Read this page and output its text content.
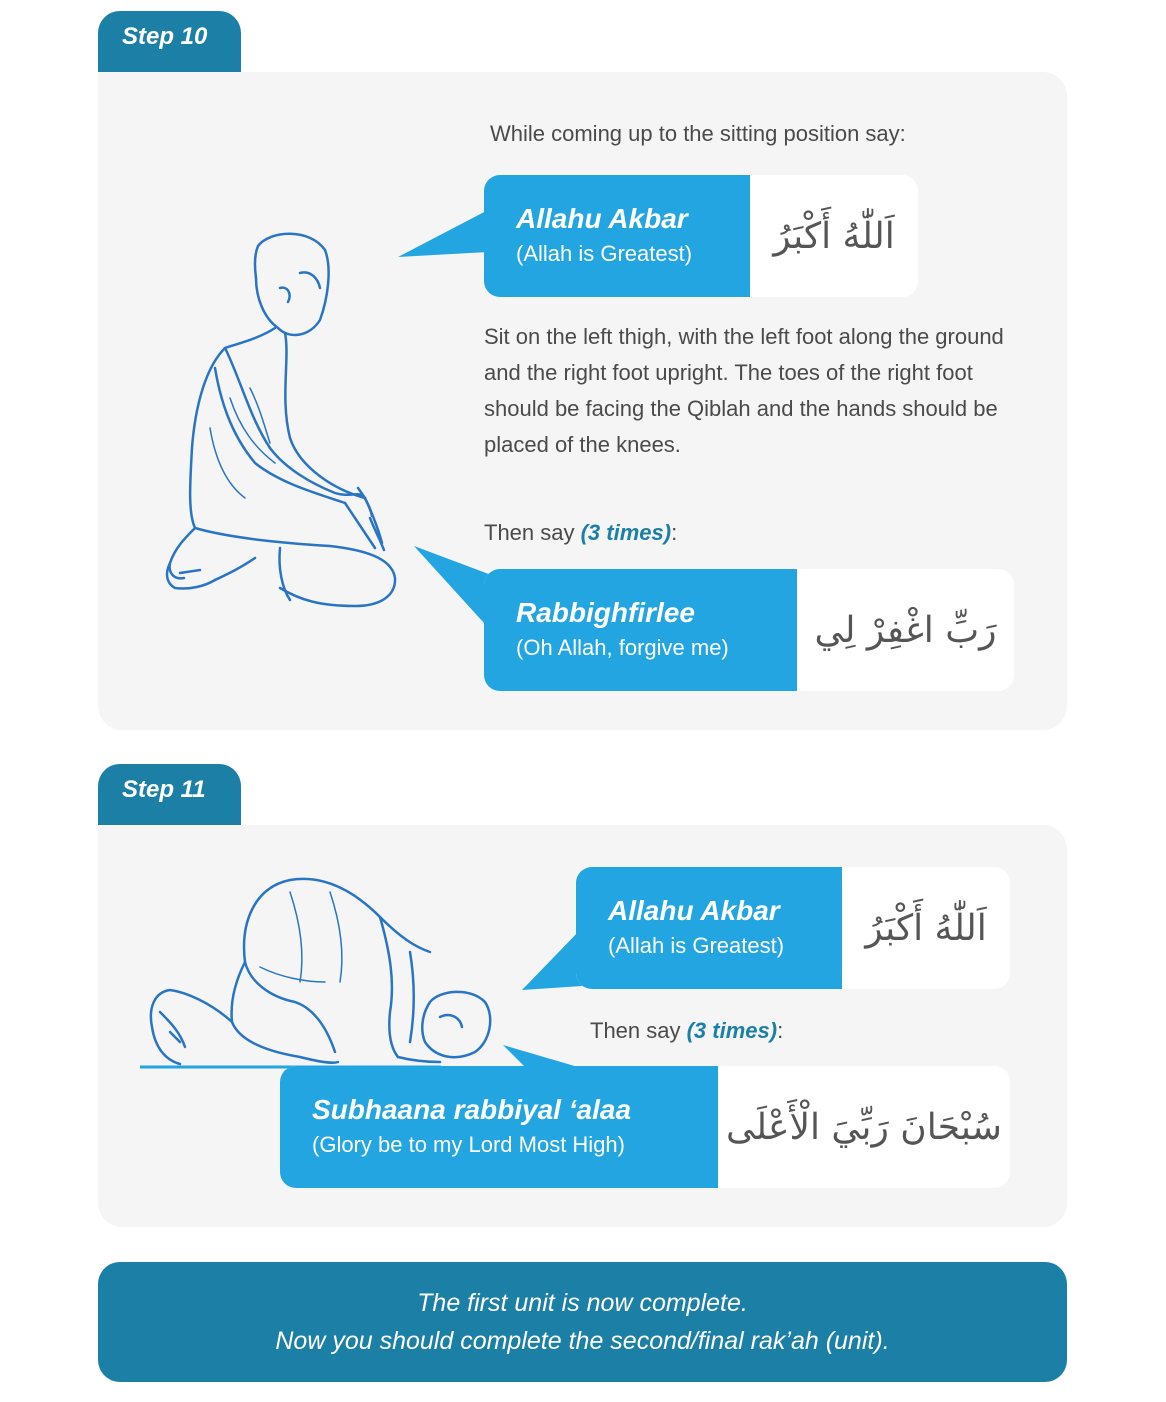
Step 10
While coming up to the sitting position say:
Allahu Akbar
(Allah is Greatest)	اَللّٰهُ أَكْبَرُ
Sit on the left thigh, with the left foot along the ground and the right foot upright. The toes of the right foot should be facing the Qiblah and the hands should be placed of the knees.
Then say (3 times):
Rabbighfirlee
(Oh Allah, forgive me)	رَبِّ اغْفِرْ لِي
Step 11
Allahu Akbar
(Allah is Greatest)	اَللّٰهُ أَكْبَرُ
Then say (3 times):
Subhaana rabbiyal ‘alaa
(Glory be to my Lord Most High)	سُبْحَانَ رَبِّيَ الْأَعْلَى
The first unit is now complete.
Now you should complete the second/final rak’ah (unit).
